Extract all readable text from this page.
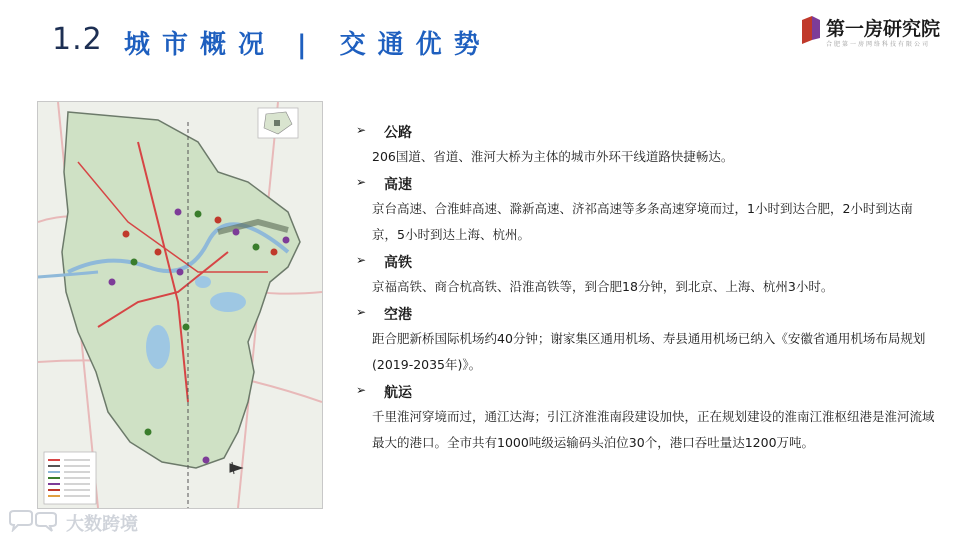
1.2 城市概况 | 交通优势
第一房研究院
合肥第一房网络科技有限公司
➢ 公路
206国道、省道、淮河大桥为主体的城市外环干线道路快捷畅达。
➢ 高速
京台高速、合淮蚌高速、滁新高速、济祁高速等多条高速穿境而过，1小时到达合肥，2小时到达南京，5小时到达上海、杭州。
➢ 高铁
京福高铁、商合杭高铁、沿淮高铁等，到合肥18分钟，到北京、上海、杭州3小时。
➢ 空港
距合肥新桥国际机场约40分钟；谢家集区通用机场、寿县通用机场已纳入《安徽省通用机场布局规划(2019-2035年)》。
➢ 航运
千里淮河穿境而过，通江达海；引江济淮淮南段建设加快，正在规划建设的淮南江淮枢纽港是淮河流域最大的港口。全市共有1000吨级运输码头泊位30个，港口吞吐量达1200万吨。
大数跨境
